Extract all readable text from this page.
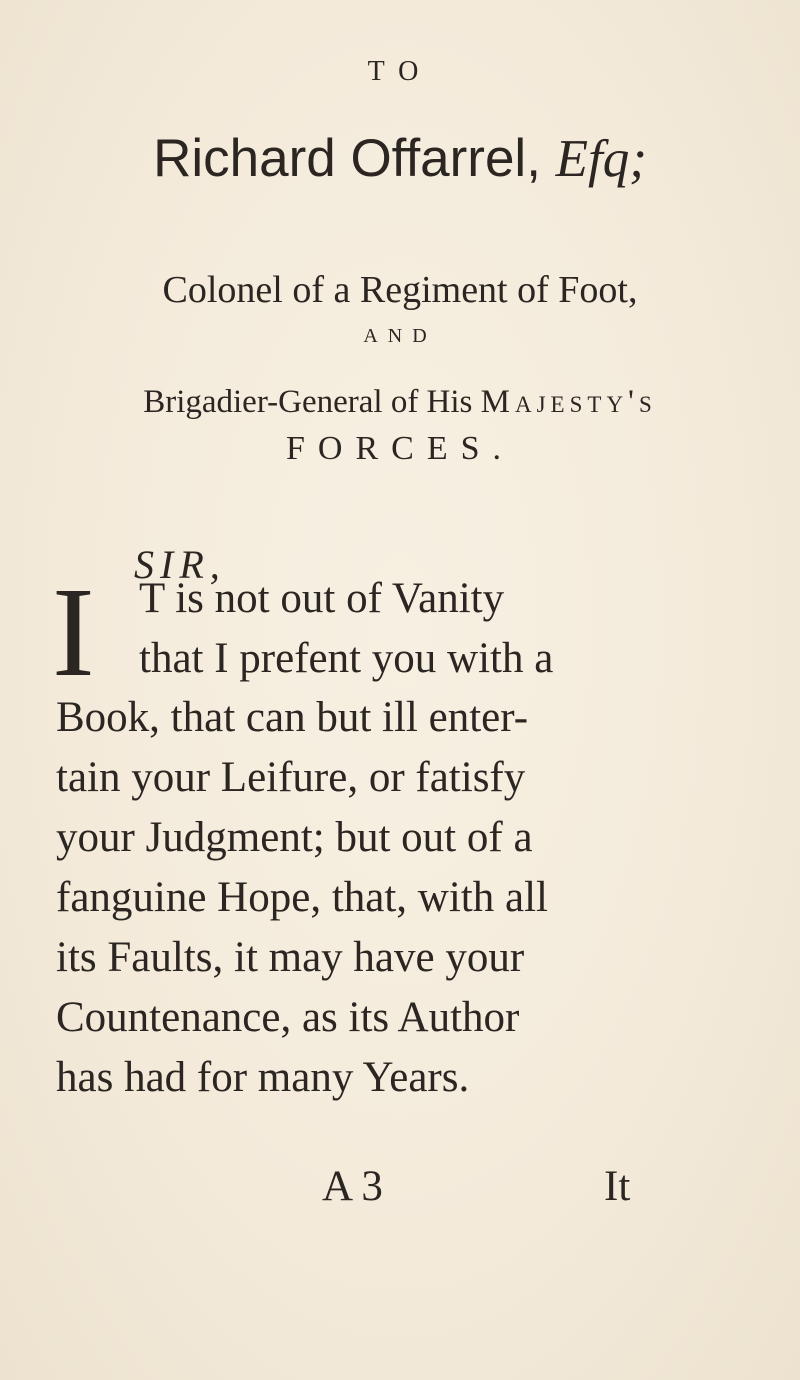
TO
Richard Offarrel, Efq;
Colonel of a Regiment of Foot,
AND
Brigadier-General of His Majesty's
FORCES.
SIR,
I T is not out of Vanity
that I prefent you with a
Book, that can but ill enter-
tain your Leifure, or fatisfy
your Judgment; but out of a
fanguine Hope, that, with all
its Faults, it may have your
Countenance, as its Author
has had for many Years.
A 3	It
